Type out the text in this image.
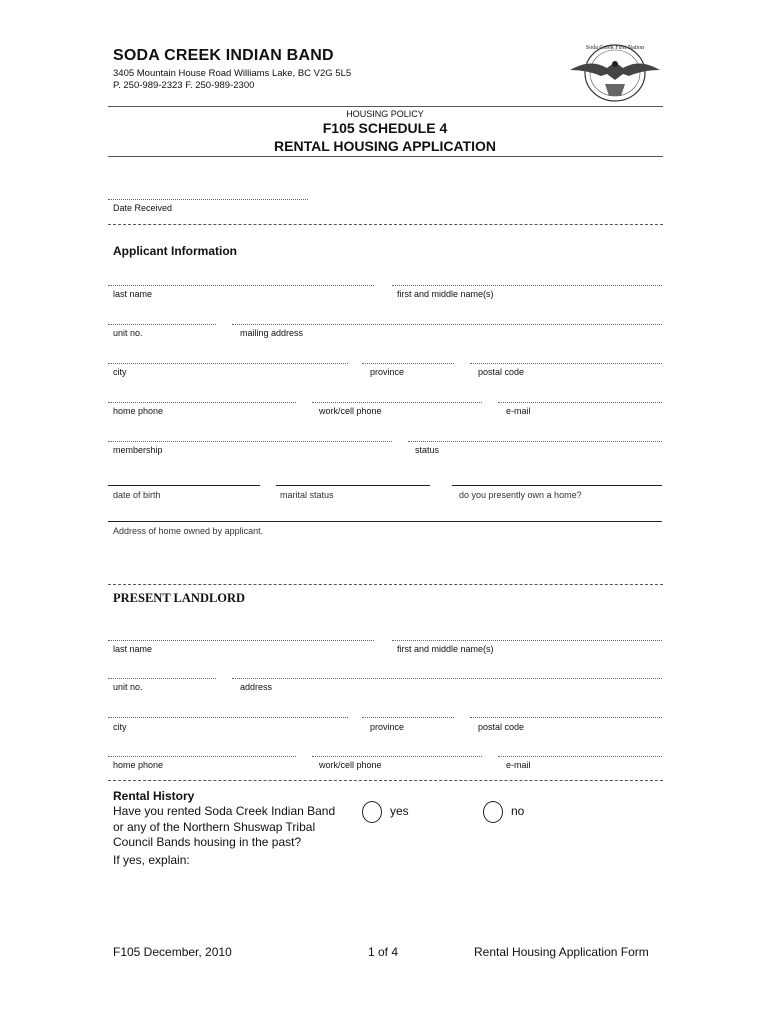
SODA CREEK INDIAN BAND
3405 Mountain House Road Williams Lake, BC V2G 5L5
P. 250-989-2323 F. 250-989-2300
Soda Creek First Nation
HOUSING POLICY
F105 SCHEDULE 4
RENTAL HOUSING APPLICATION
Date Received
Applicant Information
last name	first and middle name(s)
unit no.	mailing address
city	province	postal code
home phone	work/cell phone	e-mail
membership	status
date of birth	marital status	do you presently own a home?
Address of home owned by applicant.
PRESENT LANDLORD
last name	first and middle name(s)
unit no.	address
city	province	postal code
home phone	work/cell phone	e-mail
Rental History
Have you rented Soda Creek Indian Band
or any of the Northern Shuswap Tribal
Council Bands housing in the past?
If yes, explain:
yes	no
F105 December, 2010	1 of 4	Rental Housing Application Form
